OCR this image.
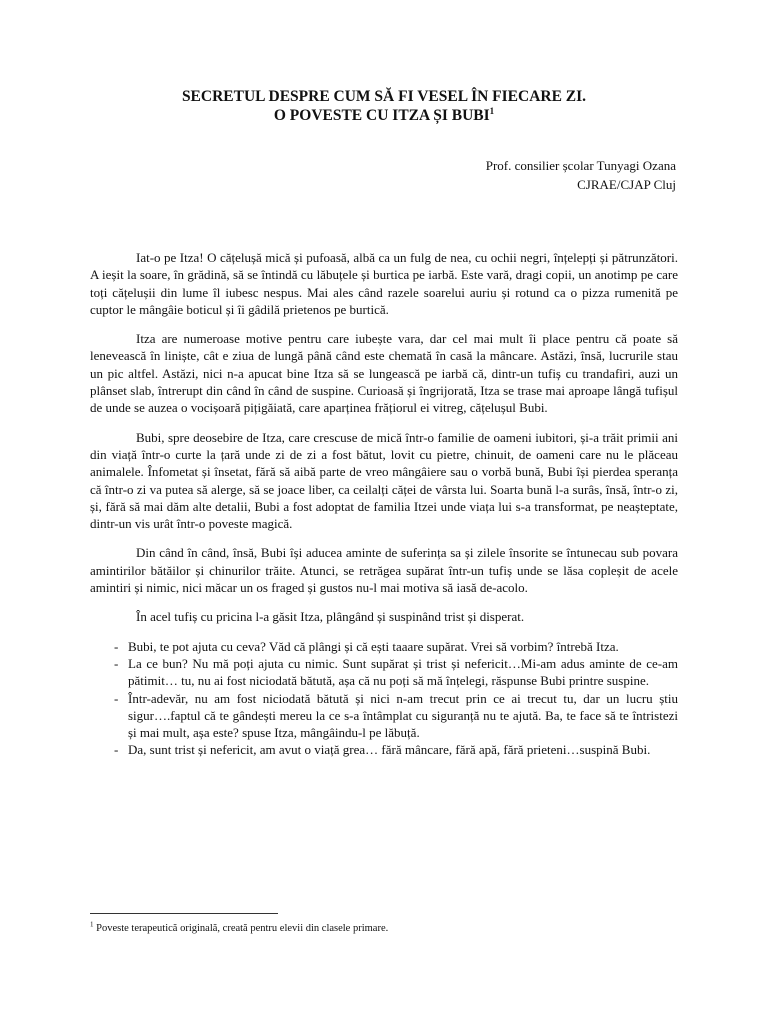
SECRETUL DESPRE CUM SĂ FI VESEL ÎN FIECARE ZI.
O POVESTE CU ITZA ȘI BUBI$^1$
Prof. consilier școlar Tunyagi Ozana
CJRAE/CJAP Cluj

Iat-o pe Itza! O cățelușă mică și pufoasă, albă ca un fulg de nea, cu ochii negri, înțelepți și pătrunzători. A ieșit la soare, în grădină, să se întindă cu lăbuțele și burtica pe iarbă. Este vară, dragi copii, un anotimp pe care toți cățelușii din lume îl iubesc nespus. Mai ales când razele soarelui auriu și rotund ca o pizza rumenită pe cuptor le mângâie boticul și îi gâdilă prietenos pe burtică.

Itza are numeroase motive pentru care iubește vara, dar cel mai mult îi place pentru că poate să lenevească în liniște, cât e ziua de lungă până când este chemată în casă la mâncare. Astăzi, însă, lucrurile stau un pic altfel. Astăzi, nici n-a apucat bine Itza să se lungească pe iarbă că, dintr-un tufiș cu trandafiri, auzi un plânset slab, întrerupt din când în când de suspine. Curioasă și îngrijorată, Itza se trase mai aproape lângă tufișul de unde se auzea o vocișoară pițigăiată, care aparținea frățiorul ei vitreg, cățelușul Bubi.

Bubi, spre deosebire de Itza, care crescuse de mică într-o familie de oameni iubitori, și-a trăit primii ani din viață într-o curte la țară unde zi de zi a fost bătut, lovit cu pietre, chinuit, de oameni care nu le plăceau animalele. Înfometat și însetat, fără să aibă parte de vreo mângâiere sau o vorbă bună, Bubi își pierdea speranța că într-o zi va putea să alerge, să se joace liber, ca ceilalți căței de vârsta lui. Soarta bună l-a surâs, însă, într-o zi, și, fără să mai dăm alte detalii, Bubi a fost adoptat de familia Itzei unde viața lui s-a transformat, pe neașteptate, dintr-un vis urât într-o poveste magică.

Din când în când, însă, Bubi își aducea aminte de suferința sa și zilele însorite se întunecau sub povara amintirilor bătăilor și chinurilor trăite. Atunci, se retrăgea supărat într-un tufiș unde se lăsa copleșit de acele amintiri și nimic, nici măcar un os fraged și gustos nu-l mai motiva să iasă de-acolo.

În acel tufiș cu pricina l-a găsit Itza, plângând și suspinând trist și disperat.

- Bubi, te pot ajuta cu ceva? Văd că plângi și că ești taaare supărat. Vrei să vorbim? întrebă Itza.
- La ce bun? Nu mă poți ajuta cu nimic. Sunt supărat și trist și nefericit…Mi-am adus aminte de ce-am pătimit… tu, nu ai fost niciodată bătută, așa că nu poți să mă înțelegi, răspunse Bubi printre suspine.
- Într-adevăr, nu am fost niciodată bătută și nici n-am trecut prin ce ai trecut tu, dar un lucru știu sigur….faptul că te gândești mereu la ce s-a întâmplat cu siguranță nu te ajută. Ba, te face să te întristezi și mai mult, așa este? spuse Itza, mângâindu-l pe lăbuță.
- Da, sunt trist și nefericit, am avut o viață grea… fără mâncare, fără apă, fără prieteni…suspină Bubi.
$^1$ Poveste terapeutică originală, creată pentru elevii din clasele primare.
